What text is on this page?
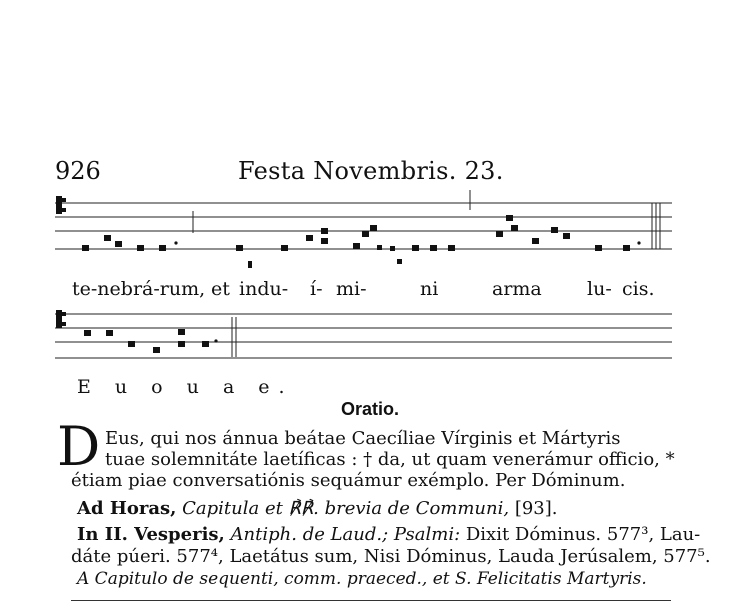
926	Festa Novembris. 23.
te-nebrá-rum, et indu- í- mi-	ni	arma lu- cis.
E u o u a e.
Oratio.
D Eus, qui nos ánnua beátae Caecíliae Vírginis et Mártyris
tuae solemnitáte laetíficas : † da, ut quam venerámur officio, *
étiam piae conversatiónis sequámur exémplo. Per Dóminum.
Ad Horas, Capitula et ℟℟. brevia de Communi, [93].
In II. Vesperis, Antiph. de Laud.; Psalmi: Dixit Dóminus. 577³, Lau-
dáte púeri. 577⁴, Laetátus sum, Nisi Dóminus, Lauda Jerúsalem, 577⁵.
A Capitulo de sequenti, comm. praeced., et S. Felicitatis Martyris.
